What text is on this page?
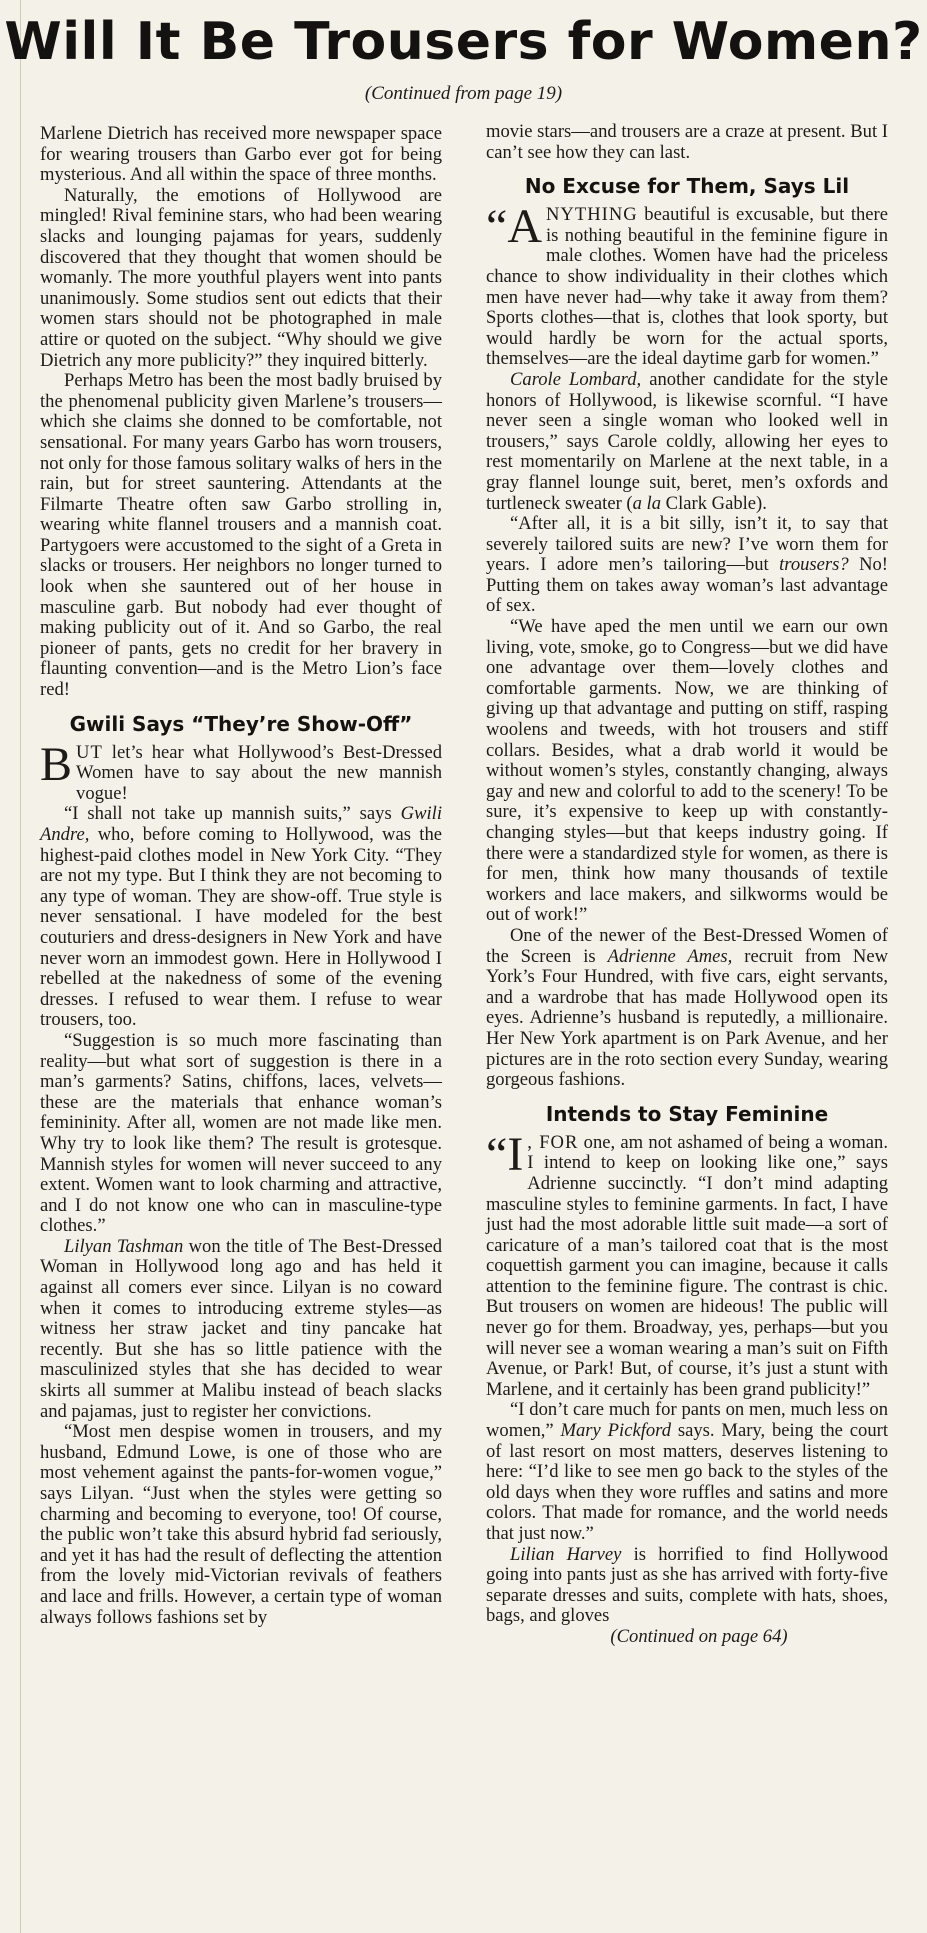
Will It Be Trousers for Women?
(Continued from page 19)

Marlene Dietrich has received more newspaper space for wearing trousers than Garbo ever got for being mysterious. And all within the space of three months.

Naturally, the emotions of Hollywood are mingled! Rival feminine stars, who had been wearing slacks and lounging pajamas for years, suddenly discovered that they thought that women should be womanly. The more youthful players went into pants unanimously. Some studios sent out edicts that their women stars should not be photographed in male attire or quoted on the subject. “Why should we give Dietrich any more publicity?” they inquired bitterly.

Perhaps Metro has been the most badly bruised by the phenomenal publicity given Marlene’s trousers—which she claims she donned to be comfortable, not sensational. For many years Garbo has worn trousers, not only for those famous solitary walks of hers in the rain, but for street sauntering. Attendants at the Filmarte Theatre often saw Garbo strolling in, wearing white flannel trousers and a mannish coat. Partygoers were accustomed to the sight of a Greta in slacks or trousers. Her neighbors no longer turned to look when she sauntered out of her house in masculine garb. But nobody had ever thought of making publicity out of it. And so Garbo, the real pioneer of pants, gets no credit for her bravery in flaunting convention—and is the Metro Lion’s face red!

Gwili Says “They’re Show-Off”

BUT let’s hear what Hollywood’s Best-Dressed Women have to say about the new mannish vogue!

“I shall not take up mannish suits,” says Gwili Andre, who, before coming to Hollywood, was the highest-paid clothes model in New York City. “They are not my type. But I think they are not becoming to any type of woman. They are show-off. True style is never sensational. I have modeled for the best couturiers and dress-designers in New York and have never worn an immodest gown. Here in Hollywood I rebelled at the nakedness of some of the evening dresses. I refused to wear them. I refuse to wear trousers, too.

“Suggestion is so much more fascinating than reality—but what sort of suggestion is there in a man’s garments? Satins, chiffons, laces, velvets—these are the materials that enhance woman’s femininity. After all, women are not made like men. Why try to look like them? The result is grotesque. Mannish styles for women will never succeed to any extent. Women want to look charming and attractive, and I do not know one who can in masculine-type clothes.”

Lilyan Tashman won the title of The Best-Dressed Woman in Hollywood long ago and has held it against all comers ever since. Lilyan is no coward when it comes to introducing extreme styles—as witness her straw jacket and tiny pancake hat recently. But she has so little patience with the masculinized styles that she has decided to wear skirts all summer at Malibu instead of beach slacks and pajamas, just to register her convictions.

“Most men despise women in trousers, and my husband, Edmund Lowe, is one of those who are most vehement against the pants-for-women vogue,” says Lilyan. “Just when the styles were getting so charming and becoming to everyone, too! Of course, the public won’t take this absurd hybrid fad seriously, and yet it has had the result of deflecting the attention from the lovely mid-Victorian revivals of feathers and lace and frills. However, a certain type of woman always follows fashions set by

movie stars—and trousers are a craze at present. But I can’t see how they can last.

No Excuse for Them, Says Lil

“A NYTHING beautiful is excusable, but there is nothing beautiful in the feminine figure in male clothes. Women have had the priceless chance to show individuality in their clothes which men have never had—why take it away from them? Sports clothes—that is, clothes that look sporty, but would hardly be worn for the actual sports, themselves—are the ideal daytime garb for women.”

Carole Lombard, another candidate for the style honors of Hollywood, is likewise scornful. “I have never seen a single woman who looked well in trousers,” says Carole coldly, allowing her eyes to rest momentarily on Marlene at the next table, in a gray flannel lounge suit, beret, men’s oxfords and turtleneck sweater (a la Clark Gable).

“After all, it is a bit silly, isn’t it, to say that severely tailored suits are new? I’ve worn them for years. I adore men’s tailoring—but trousers? No! Putting them on takes away woman’s last advantage of sex.

“We have aped the men until we earn our own living, vote, smoke, go to Congress—but we did have one advantage over them—lovely clothes and comfortable garments. Now, we are thinking of giving up that advantage and putting on stiff, rasping woolens and tweeds, with hot trousers and stiff collars. Besides, what a drab world it would be without women’s styles, constantly changing, always gay and new and colorful to add to the scenery! To be sure, it’s expensive to keep up with constantly-changing styles—but that keeps industry going. If there were a standardized style for women, as there is for men, think how many thousands of textile workers and lace makers, and silkworms would be out of work!”

One of the newer of the Best-Dressed Women of the Screen is Adrienne Ames, recruit from New York’s Four Hundred, with five cars, eight servants, and a wardrobe that has made Hollywood open its eyes. Adrienne’s husband is reputedly, a millionaire. Her New York apartment is on Park Avenue, and her pictures are in the roto section every Sunday, wearing gorgeous fashions.

Intends to Stay Feminine

“I , FOR one, am not ashamed of being a woman. I intend to keep on looking like one,” says Adrienne succinctly. “I don’t mind adapting masculine styles to feminine garments. In fact, I have just had the most adorable little suit made—a sort of caricature of a man’s tailored coat that is the most coquettish garment you can imagine, because it calls attention to the feminine figure. The contrast is chic. But trousers on women are hideous! The public will never go for them. Broadway, yes, perhaps—but you will never see a woman wearing a man’s suit on Fifth Avenue, or Park! But, of course, it’s just a stunt with Marlene, and it certainly has been grand publicity!”

“I don’t care much for pants on men, much less on women,” Mary Pickford says. Mary, being the court of last resort on most matters, deserves listening to here: “I’d like to see men go back to the styles of the old days when they wore ruffles and satins and more colors. That made for romance, and the world needs that just now.”

Lilian Harvey is horrified to find Hollywood going into pants just as she has arrived with forty-five separate dresses and suits, complete with hats, shoes, bags, and gloves

(Continued on page 64)
